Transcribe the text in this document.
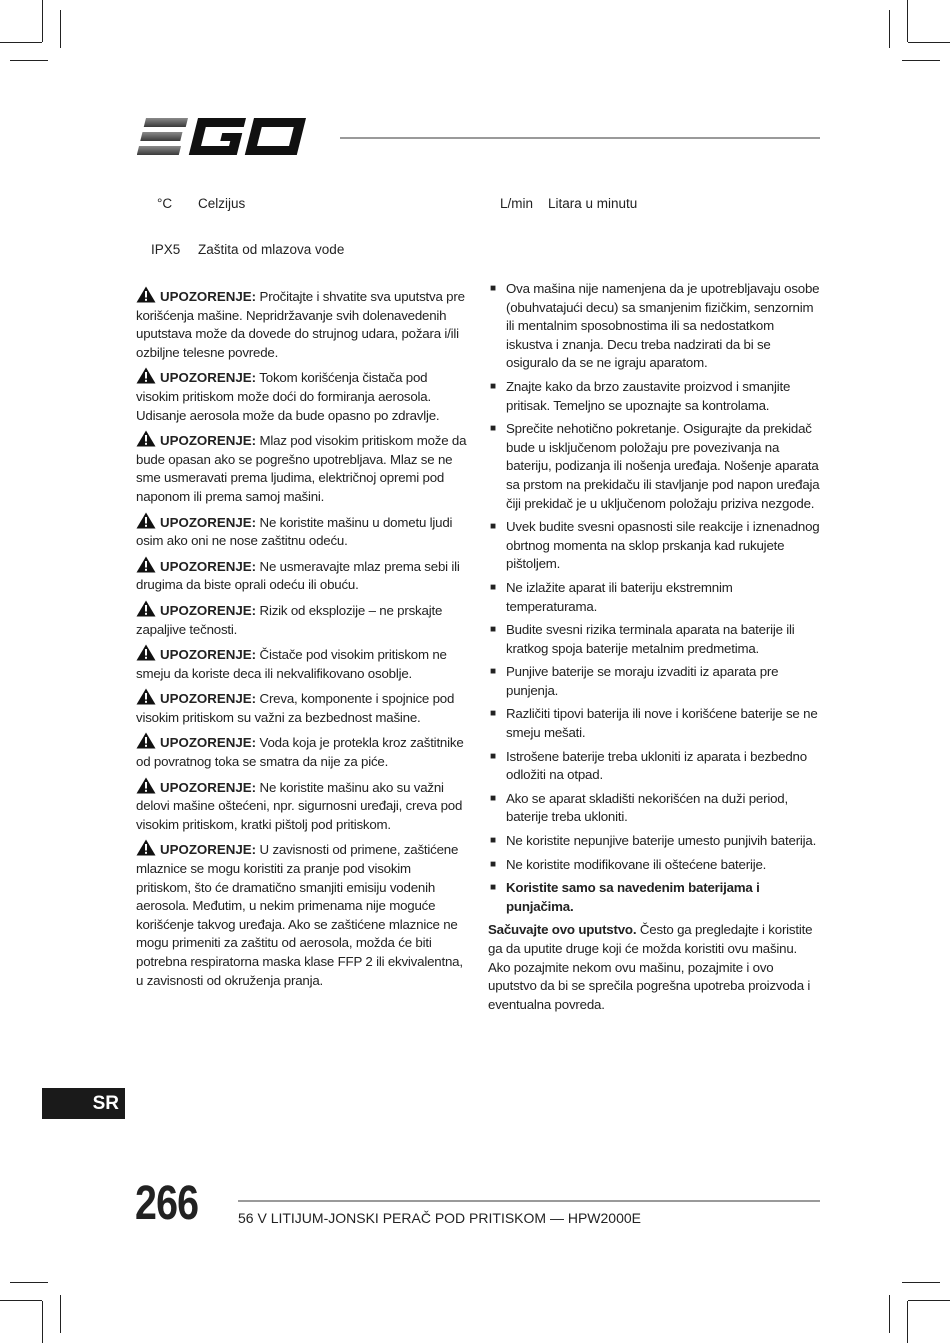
°C Celzijus	L/min Litara u minutu
IPX5 Zaštita od mlazova vode

UPOZORENJE: Pročitajte i shvatite sva uputstva pre korišćenja mašine. Nepridržavanje svih dolenavedenih uputstava može da dovede do strujnog udara, požara i/ili ozbiljne telesne povrede.

UPOZORENJE: Tokom korišćenja čistača pod visokim pritiskom može doći do formiranja aerosola. Udisanje aerosola može da bude opasno po zdravlje.

UPOZORENJE: Mlaz pod visokim pritiskom može da bude opasan ako se pogrešno upotrebljava. Mlaz se ne sme usmeravati prema ljudima, električnoj opremi pod naponom ili prema samoj mašini.

UPOZORENJE: Ne koristite mašinu u dometu ljudi osim ako oni ne nose zaštitnu odeću.

UPOZORENJE: Ne usmeravajte mlaz prema sebi ili drugima da biste oprali odeću ili obuću.

UPOZORENJE: Rizik od eksplozije – ne prskajte zapaljive tečnosti.

UPOZORENJE: Čistače pod visokim pritiskom ne smeju da koriste deca ili nekvalifikovano osoblje.

UPOZORENJE: Creva, komponente i spojnice pod visokim pritiskom su važni za bezbednost mašine.

UPOZORENJE: Voda koja je protekla kroz zaštitnike od povratnog toka se smatra da nije za piće.

UPOZORENJE: Ne koristite mašinu ako su važni delovi mašine oštećeni, npr. sigurnosni uređaji, creva pod visokim pritiskom, kratki pištolj pod pritiskom.

UPOZORENJE: U zavisnosti od primene, zaštićene mlaznice se mogu koristiti za pranje pod visokim pritiskom, što će dramatično smanjiti emisiju vodenih aerosola. Međutim, u nekim primenama nije moguće korišćenje takvog uređaja. Ako se zaštićene mlaznice ne mogu primeniti za zaštitu od aerosola, možda će biti potrebna respiratorna maska klase FFP 2 ili ekvivalentna, u zavisnosti od okruženja pranja.

■ Ova mašina nije namenjena da je upotrebljavaju osobe (obuhvatajući decu) sa smanjenim fizičkim, senzornim ili mentalnim sposobnostima ili sa nedostatkom iskustva i znanja. Decu treba nadzirati da bi se osiguralo da se ne igraju aparatom.
■ Znajte kako da brzo zaustavite proizvod i smanjite pritisak. Temeljno se upoznajte sa kontrolama.
■ Sprečite nehotično pokretanje. Osigurajte da prekidač bude u isključenom položaju pre povezivanja na bateriju, podizanja ili nošenja uređaja. Nošenje aparata sa prstom na prekidaču ili stavljanje pod napon uređaja čiji prekidač je u uključenom položaju priziva nezgode.
■ Uvek budite svesni opasnosti sile reakcije i iznenadnog obrtnog momenta na sklop prskanja kad rukujete pištoljem.
■ Ne izlažite aparat ili bateriju ekstremnim temperaturama.
■ Budite svesni rizika terminala aparata na baterije ili kratkog spoja baterije metalnim predmetima.
■ Punjive baterije se moraju izvaditi iz aparata pre punjenja.
■ Različiti tipovi baterija ili nove i korišćene baterije se ne smeju mešati.
■ Istrošene baterije treba ukloniti iz aparata i bezbedno odložiti na otpad.
■ Ako se aparat skladišti nekorišćen na duži period, baterije treba ukloniti.
■ Ne koristite nepunjive baterije umesto punjivih baterija.
■ Ne koristite modifikovane ili oštećene baterije.
■ Koristite samo sa navedenim baterijama i punjačima.

Sačuvajte ovo uputstvo. Često ga pregledajte i koristite ga da uputite druge koji će možda koristiti ovu mašinu. Ako pozajmite nekom ovu mašinu, pozajmite i ovo uputstvo da bi se sprečila pogrešna upotreba proizvoda i eventualna povreda.

SR
266	56 V LITIJUM-JONSKI PERAČ POD PRITISKOM — HPW2000E
